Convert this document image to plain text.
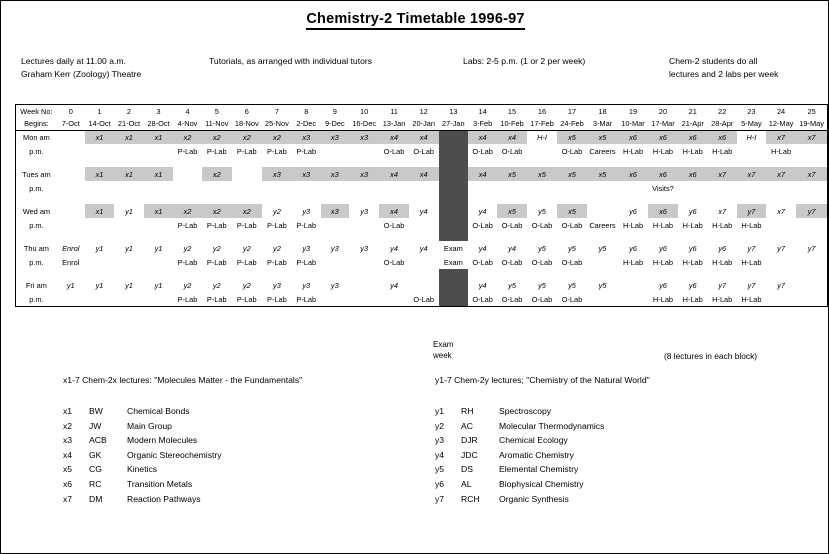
Chemistry-2 Timetable 1996-97
Lectures daily at 11.00 a.m.
Graham Kerr (Zoology) Theatre
Tutorials, as arranged with individual tutors	Labs: 2-5 p.m. (1 or 2 per week)	Chem-2 students do all
lectures and 2 labs per week
Week No:	0	1	2	3	4	5	6	7	8	9	10	11	12	13	14	15	16	17	18	19	20	21	22	23	24	25
Begins:	7-Oct	14-Oct	21-Oct	28-Oct	4-Nov	11-Nov	18-Nov	25-Nov	2-Dec	9-Dec	16-Dec	13-Jan	20-Jan	27-Jan	3-Feb	10-Feb	17-Feb	24-Feb	3-Mar	10-Mar	17-Mar	21-Apr	28-Apr	5-May	12-May	19-May
Mon am		x1	x1	x1	x2	x2	x2	x2	x3	x3	x3	x4	x4		x4	x4	H-I	x5	x5	x6	x6	x6	x6	H-I	x7	x7
p.m.					P-Lab	P-Lab	P-Lab	P-Lab	P-Lab			O-Lab	O-Lab		O-Lab	O-Lab		O-Lab	Careers	H-Lab	H-Lab	H-Lab	H-Lab		H-Lab	

Tues am		x1	x1	x1		x2		x3	x3	x3	x3	x4	x4		x4	x5	x5	x5	x5	x6	x6	x6	x7	x7	x7	x7
p.m.																					Visits?					

Wed am		x1	y1	x1	x2	x2	x2	y2	y3	x3	y3	x4	y4		y4	x5	y5	x5		y6	x6	y6	x7	y7	x7	y7
p.m.					P-Lab	P-Lab	P-Lab	P-Lab	P-Lab			O-Lab			O-Lab	O-Lab	O-Lab	O-Lab	Careers	H-Lab	H-Lab	H-Lab	H-Lab	H-Lab		

Thu am	Enrol	y1	y1	y1	y2	y2	y2	y2	y3	y3	y3	y4	y4	Exam	y4	y4	y5	y5	y5	y6	y6	y6	y6	y7	y7	y7
p.m.	Enrol				P-Lab	P-Lab	P-Lab	P-Lab	P-Lab			O-Lab		Exam	O-Lab	O-Lab	O-Lab	O-Lab		H-Lab	H-Lab	H-Lab	H-Lab	H-Lab		

Fri am	y1	y1	y1	y1	y2	y2	y2	y3	y3	y3		y4			y4	y5	y5	y5	y5		y6	y6	y7	y7	y7	
p.m.					P-Lab	P-Lab	P-Lab	P-Lab	P-Lab				O-Lab		O-Lab	O-Lab	O-Lab	O-Lab			H-Lab	H-Lab	H-Lab	H-Lab		
Exam
week	(8 lectures in each block)
x1-7 Chem-2x lectures: "Molecules Matter - the Fundamentals"	y1-7 Chem-2y lectures; "Chemistry of the Natural World"
x1	BW	Chemical Bonds
x2	JW	Main Group
x3	ACB	Modern Molecules
x4	GK	Organic Stereochemistry
x5	CG	Kinetics
x6	RC	Transition Metals
x7	DM	Reaction Pathways
y1	RH	Spectroscopy
y2	AC	Molecular Thermodynamics
y3	DJR	Chemical Ecology
y4	JDC	Aromatic Chemistry
y5	DS	Elemental Chemistry
y6	AL	Biophysical Chemistry
y7	RCH	Organic Synthesis
